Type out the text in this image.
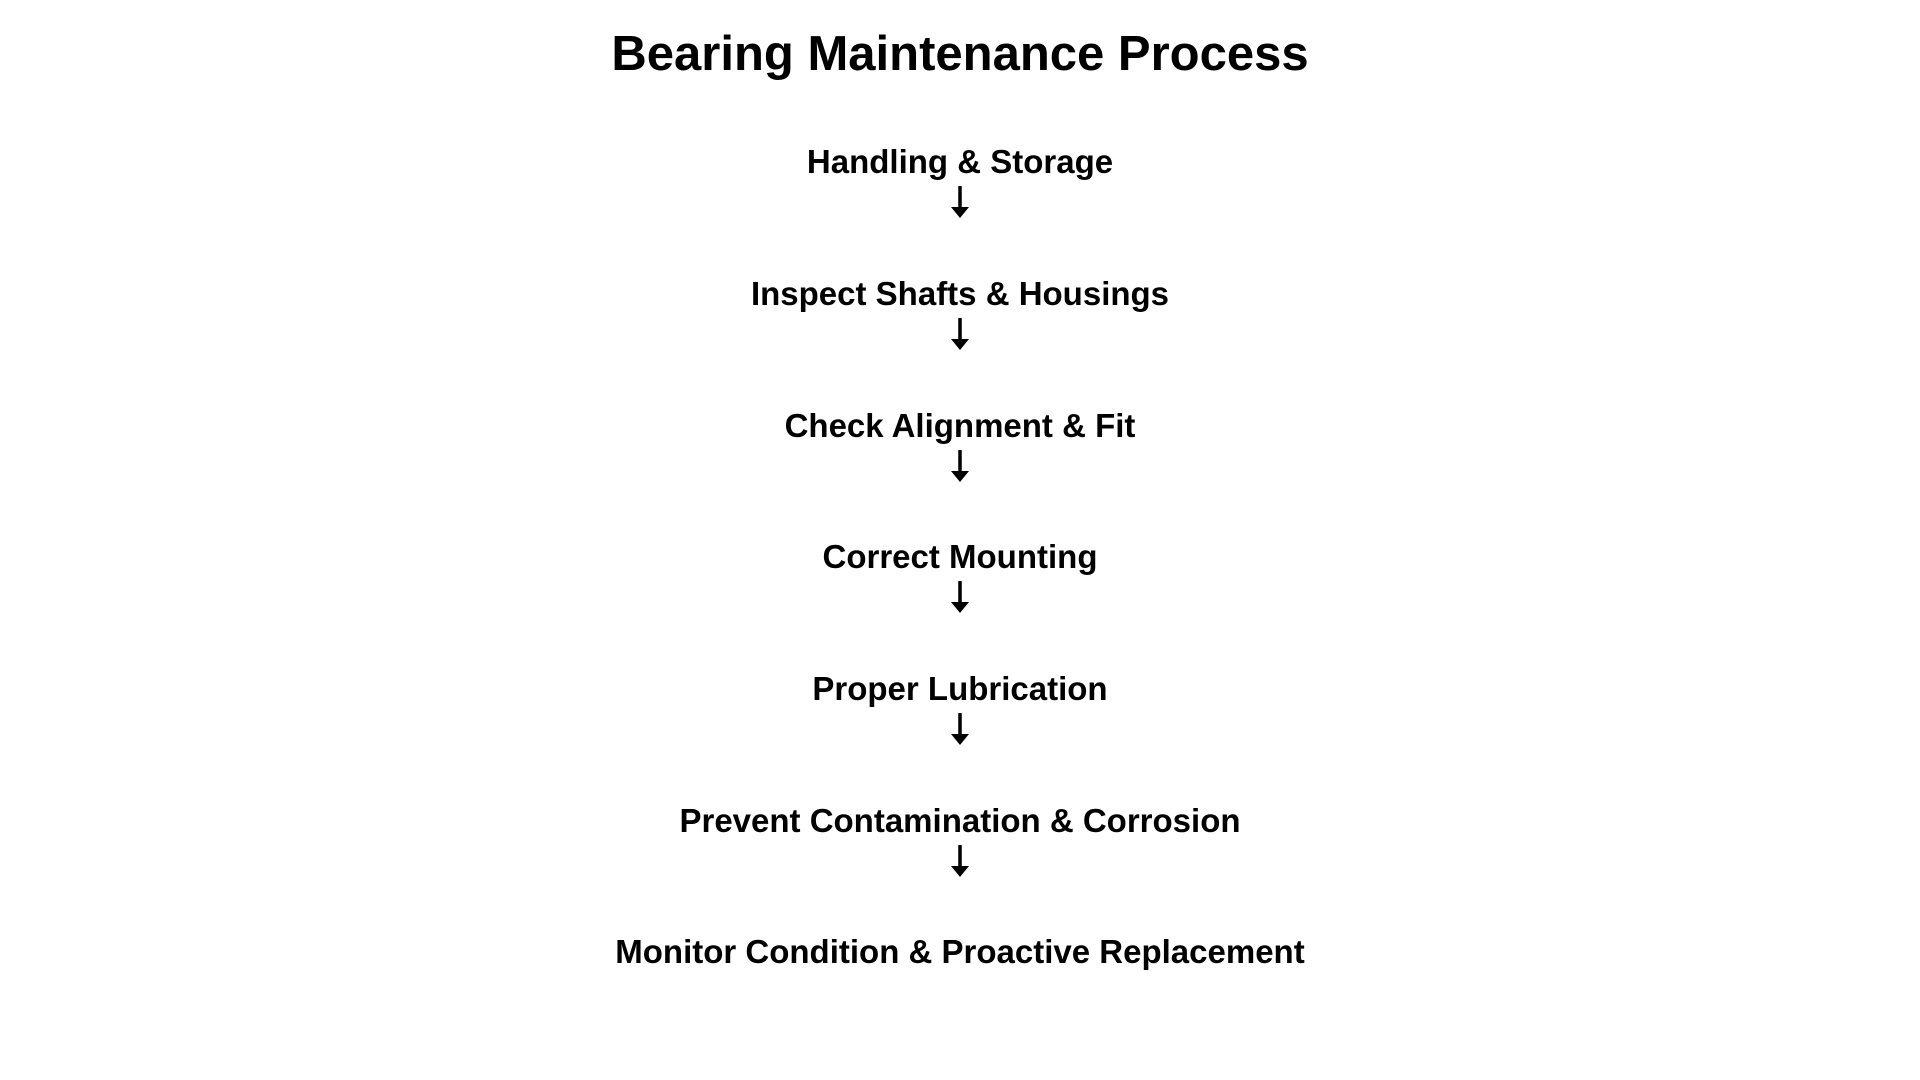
Bearing Maintenance Process
Handling & Storage
Inspect Shafts & Housings
Check Alignment & Fit
Correct Mounting
Proper Lubrication
Prevent Contamination & Corrosion
Monitor Condition & Proactive Replacement
